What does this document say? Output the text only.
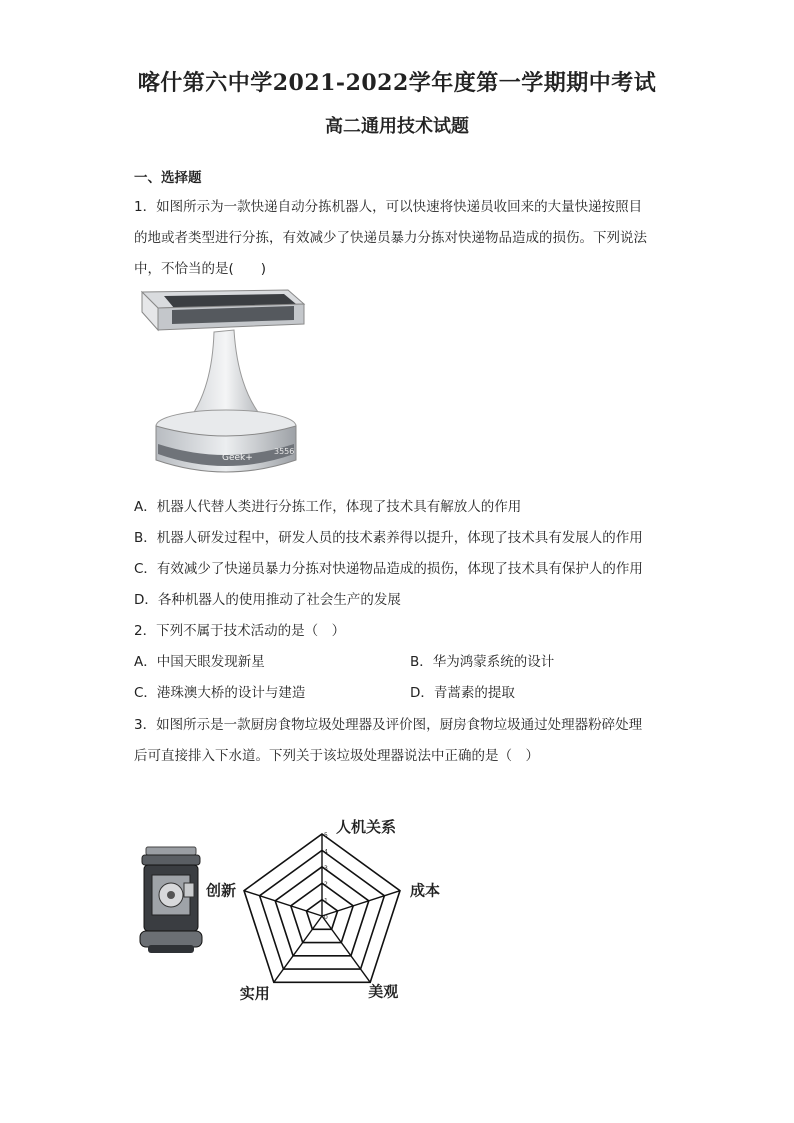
喀什第六中学2021-2022学年度第一学期期中考试
高二通用技术试题
一、选择题
1．如图所示为一款快递自动分拣机器人，可以快速将快递员收回来的大量快递按照目
的地或者类型进行分拣，有效减少了快递员暴力分拣对快递物品造成的损伤。下列说法
中，不恰当的是(　　)
Geek+
3556
A．机器人代替人类进行分拣工作，体现了技术具有解放人的作用
B．机器人研发过程中，研发人员的技术素养得以提升，体现了技术具有发展人的作用
C．有效减少了快递员暴力分拣对快递物品造成的损伤，体现了技术具有保护人的作用
D．各种机器人的使用推动了社会生产的发展
2．下列不属于技术活动的是（　）
A．中国天眼发现新星	B．华为鸿蒙系统的设计
C．港珠澳大桥的设计与建造	D．青蒿素的提取
3．如图所示是一款厨房食物垃圾处理器及评价图，厨房食物垃圾通过处理器粉碎处理
后可直接排入下水道。下列关于该垃圾处理器说法中正确的是（　）
0
1
2
3
4
5 人机关系
成本
美观
实用
创新
